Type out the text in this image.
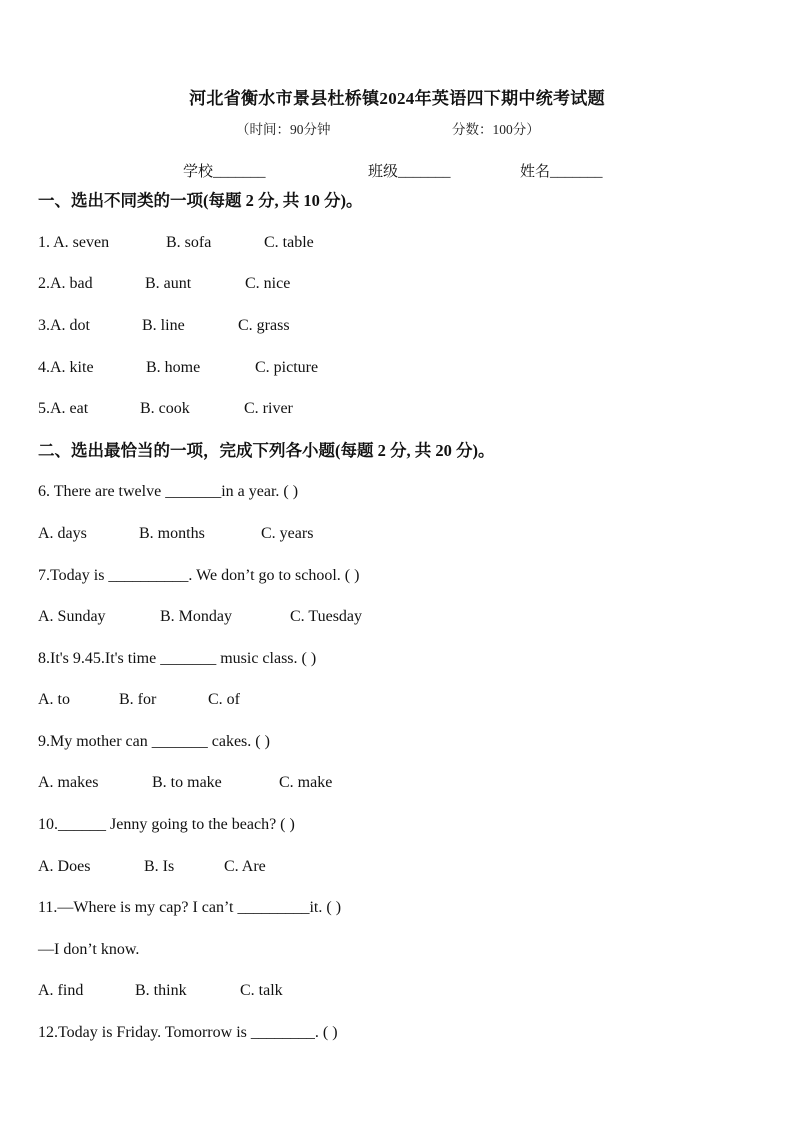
河北省衡水市景县杜桥镇2024年英语四下期中统考试题
（时间：90分钟	分数：100分）
学校_______	班级_______	姓名_______
一、选出不同类的一项(每题 2 分, 共 10 分)。
1. A. seven	B. sofa	C. table
2.A. bad	B. aunt	C. nice
3.A. dot	B. line	C. grass
4.A. kite	B. home	C. picture
5.A. eat	B. cook	C. river
二、选出最恰当的一项，完成下列各小题(每题 2 分, 共 20 分)。
6. There are twelve _______in a year. ( )
A. days	B. months	C. years
7.Today is __________. We don’t go to school. ( )
A. Sunday	B. Monday	C. Tuesday
8.It's 9.45.It's time _______ music class. ( )
A. to	B. for	C. of
9.My mother can _______ cakes. ( )
A. makes	B. to make	C. make
10.______ Jenny going to the beach? ( )
A. Does	B. Is	C. Are
11.—Where is my cap? I can’t _________it. ( )
—I don’t know.
A. find	B. think	C. talk
12.Today is Friday. Tomorrow is ________. ( )
